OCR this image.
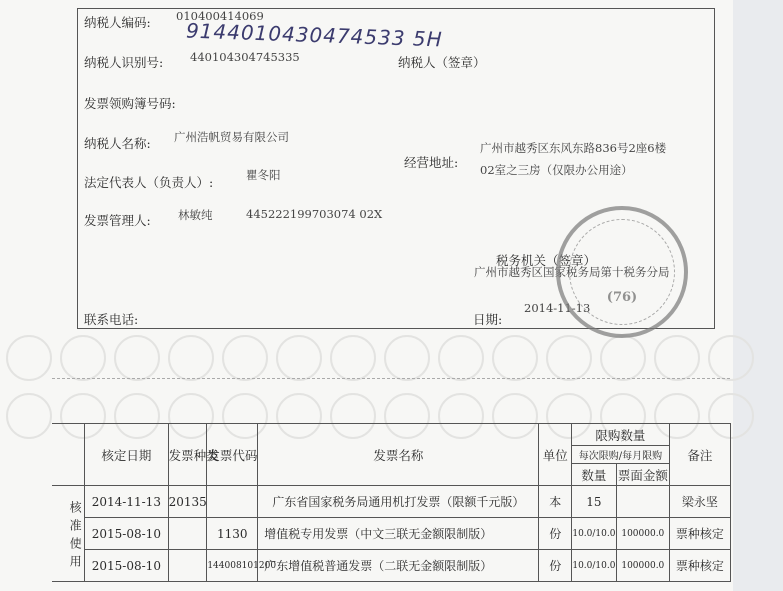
纳税人编码: 010400414069
9144010430474533 5H
纳税人识别号: 440104304745335	纳税人（签章）
发票领购簿号码:
纳税人名称: 广州浩帆贸易有限公司
经营地址:
广州市越秀区东风东路836号2座6楼
02室之三房（仅限办公用途）
法定代表人（负责人）:	瞿冬阳
发票管理人: 林敏纯	445222199703074 02X
税务机关（签章）
广州市越秀区国家税务局第十税务分局
联系电话:	日期:
2014-11-13
(76)
	核定日期	发票种类	发票代码	发票名称	单位	限购数量		备注
						每次限购/每月限购		
						数量	票面金额	
核准使用	2014-11-13	20135		广东省国家税务局通用机打发票（限额千元版）	本	15		梁永坚
	2015-08-10		1130	增值税专用发票（中文三联无金额限制版）	份	10.0/10.0	100000.0	票种核定
	2015-08-10		144008101200	广东增值税普通发票（二联无金额限制版）	份	10.0/10.0	100000.0	票种核定
